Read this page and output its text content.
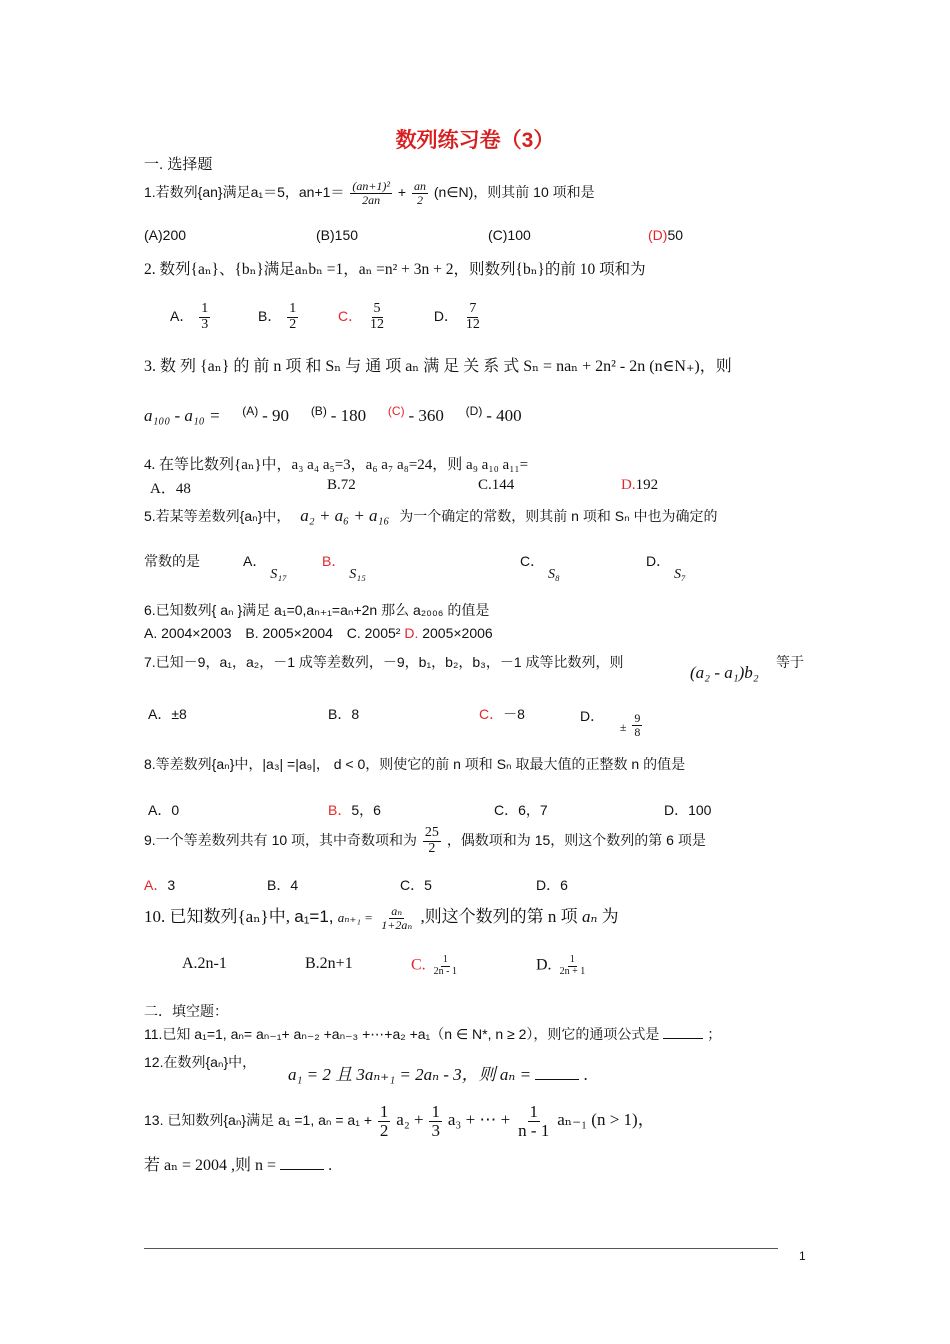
数列练习卷（3）
一. 选择题
1.若数列{an}满足a₁＝5，$an+1= \frac{\text{(an+1)²}}{2an} + \frac{an}{2}$ (n∈N)，则其前 10 项和是
(A)200	(B)150	(C)100	(D)50
2. 数列{aₙ}、{bₙ}满足aₙbₙ =1，aₙ =n² + 3n + 2，则数列{bₙ}的前 10 项和为
A． $\frac{1}{3}$	B． $\frac{1}{2}$	C． $\frac{5}{12}$	D． $\frac{7}{12}$
3. 数 列 {aₙ} 的 前 n 项 和 Sₙ 与 通 项 aₙ 满 足 关 系 式 Sₙ = naₙ + 2n² - 2n (n∈N₊)，则
a₁₀₀ - a₁₀ = (A) - 90 (B) - 180 (C) - 360 (D) - 400
4. 在等比数列{aₙ}中，a₃ a₄ a₅=3，a₆ a₇ a₈=24，则 a₉ a₁₀ a₁₁=
A．48	B.72	C.144	D.192
5.若某等差数列{aₙ}中， a₂ + a₆ + a₁₆ 为一个确定的常数，则其前 n 项和 Sₙ 中也为确定的
常数的是	A． S₁₇
B． S₁₅
C． S₈
D． S₇
6.已知数列{ aₙ }满足 a₁=0,aₙ₊₁=aₙ+2n 那么 a₂₀₀₆ 的值是
A. 2004×2003 B. 2005×2004 C. 2005² D. 2005×2006
7.已知－9，a₁，a₂，－1 成等差数列，－9，b₁，b₂，b₃，－1 成等比数列，则
(a₂ - a₁)b₂
等于
A．±8	B．8	C．－8	D．  ± $\frac{9}{8}$
8.等差数列{aₙ}中，|a₃| =|a₉|， d < 0，则使它的前 n 项和 Sₙ 取最大值的正整数 n 的值是
A．0	B．5，6	C．6，7	D．100
9.一个等差数列共有 10 项，其中奇数项和为 $\frac{25}{2}$ ，偶数项和为 15，则这个数列的第 6 项是
A．3	B．4	C．5	D．6
10. 已知数列{aₙ}中, a₁=1, $a_{n+1} = \frac{\text{aₙ}}{\text{1+2aₙ}}$ ,则这个数列的第 n 项 aₙ 为
A.2n-1	B.2n+1	C. $\frac{1}{2n - 1}$	D. $\frac{1}{2n + 1}$
二．填空题：
11.已知 a₁=1, aₙ= aₙ₋₁+ aₙ₋₂ +aₙ₋₃ +⋯+a₂ +a₁（n ∈ N*, n ≥ 2），则它的通项公式是	；
12.在数列{aₙ}中，
a₁ = 2 且 3aₙ₊₁ = 2aₙ - 3，则 aₙ =	.
13. 已知数列{aₙ}满足 a₁ =1, $a_n = a_1 + \frac{1}{2} a_2 + \frac{1}{3} a_3$ + ⋯ + $\frac{1}{n - 1} a_{n-1}$ (n > 1)，
若 aₙ = 2004 ,则 n =	.
1
